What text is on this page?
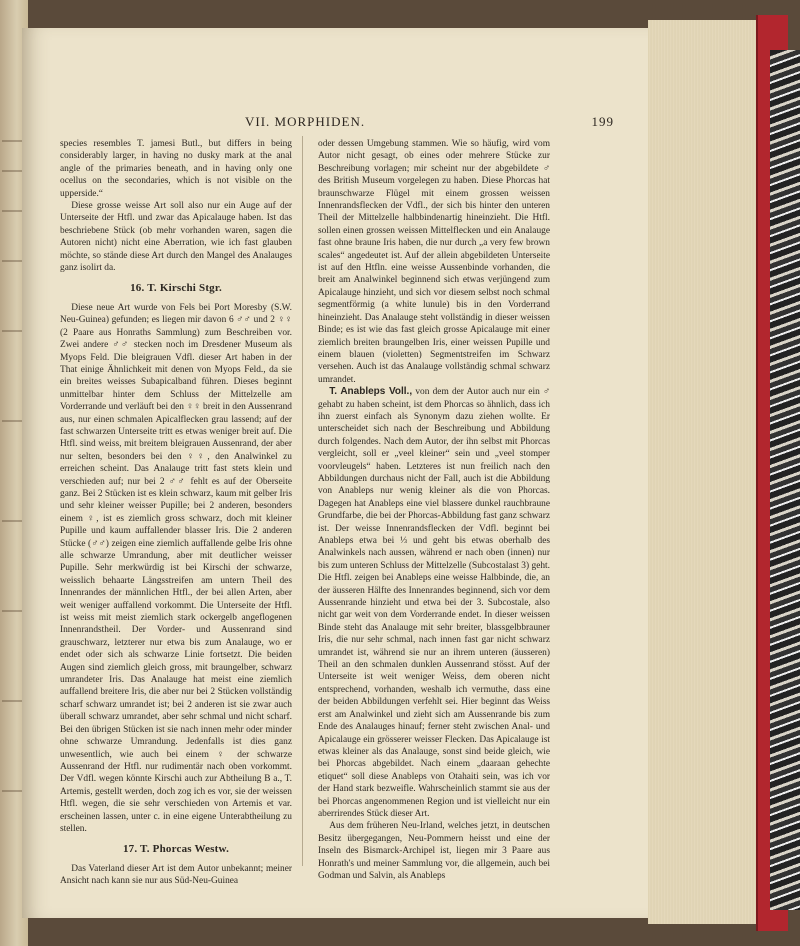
VII. MORPHIDEN.	199

species resembles T. jamesi Butl., but differs in being considerably larger, in having no dusky mark at the anal angle of the primaries beneath, and in having only one ocellus on the secondaries, which is not visible on the upperside.“

Diese grosse weisse Art soll also nur ein Auge auf der Unterseite der Htfl. und zwar das Apicalauge haben. Ist das beschriebene Stück (ob mehr vorhanden waren, sagen die Autoren nicht) nicht eine Aberration, wie ich fast glauben möchte, so stände diese Art durch den Mangel des Analauges ganz isolirt da.

16. T. Kirschi Stgr.

Diese neue Art wurde von Fels bei Port Moresby (S.W. Neu-Guinea) gefunden; es liegen mir davon 6 ♂♂ und 2 ♀♀ (2 Paare aus Honraths Sammlung) zum Beschreiben vor. Zwei andere ♂♂ stecken noch im Dresdener Museum als Myops Feld. Die bleigrauen Vdfl. dieser Art haben in der That einige Ähnlichkeit mit denen von Myops Feld., da sie ein breites weisses Subapicalband führen. Dieses beginnt unmittelbar hinter dem Schluss der Mittelzelle am Vorderrande und verläuft bei den ♀♀ breit in den Aussenrand aus, nur einen schmalen Apicalflecken grau lassend; auf der fast schwarzen Unterseite tritt es etwas weniger breit auf. Die Htfl. sind weiss, mit breitem bleigrauen Aussenrand, der aber nur selten, besonders bei den ♀♀, den Analwinkel zu erreichen scheint. Das Analauge tritt fast stets klein und verschieden auf; nur bei 2 ♂♂ fehlt es auf der Oberseite ganz. Bei 2 Stücken ist es klein schwarz, kaum mit gelber Iris und sehr kleiner weisser Pupille; bei 2 anderen, besonders einem ♀, ist es ziemlich gross schwarz, doch mit kleiner Pupille und kaum auffallender blasser Iris. Die 2 anderen Stücke (♂♂) zeigen eine ziemlich auffallende gelbe Iris ohne alle schwarze Umrandung, aber mit deutlicher weisser Pupille. Sehr merkwürdig ist bei Kirschi der schwarze, weisslich behaarte Längsstreifen am untern Theil des Innenrandes der männlichen Htfl., der bei allen Arten, aber weit weniger auffallend vorkommt. Die Unterseite der Htfl. ist weiss mit meist ziemlich stark ockergelb angeflogenen Innenrandstheil. Der Vorder- und Aussenrand sind grauschwarz, letzterer nur etwa bis zum Analauge, wo er endet oder sich als schwarze Linie fortsetzt. Die beiden Augen sind ziemlich gleich gross, mit braungelber, schwarz umrandeter Iris. Das Analauge hat meist eine ziemlich auffallend breitere Iris, die aber nur bei 2 Stücken vollständig scharf schwarz umrandet ist; bei 2 anderen ist sie zwar auch überall schwarz umrandet, aber sehr schmal und nicht scharf. Bei den übrigen Stücken ist sie nach innen mehr oder minder ohne schwarze Umrandung. Jedenfalls ist dies ganz unwesentlich, wie auch bei einem ♀ der schwarze Aussenrand der Htfl. nur rudimentär nach oben vorkommt. Der Vdfl. wegen könnte Kirschi auch zur Abtheilung B a., T. Artemis, gestellt werden, doch zog ich es vor, sie der weissen Htfl. wegen, die sie sehr verschieden von Artemis et var. erscheinen lassen, unter c. in eine eigene Unterabtheilung zu stellen.

17. T. Phorcas Westw.

Das Vaterland dieser Art ist dem Autor unbekannt; meiner Ansicht nach kann sie nur aus Süd-Neu-Guinea

oder dessen Umgebung stammen. Wie so häufig, wird vom Autor nicht gesagt, ob eines oder mehrere Stücke zur Beschreibung vorlagen; mir scheint nur der abgebildete ♂ des British Museum vorgelegen zu haben. Diese Phorcas hat braunschwarze Flügel mit einem grossen weissen Innenrandsflecken der Vdfl., der sich bis hinter den unteren Theil der Mittelzelle halbbindenartig hineinzieht. Die Htfl. sollen einen grossen weissen Mittelflecken und ein Analauge fast ohne braune Iris haben, die nur durch „a very few brown scales“ angedeutet ist. Auf der allein abgebildeten Unterseite ist auf den Htfln. eine weisse Aussenbinde vorhanden, die breit am Analwinkel beginnend sich etwas verjüngend zum Apicalauge hinzieht, und sich vor diesem selbst noch schmal segmentförmig (a white lunule) bis in den Vorderrand hineinzieht. Das Analauge steht vollständig in dieser weissen Binde; es ist wie das fast gleich grosse Apicalauge mit einer ziemlich breiten braungelben Iris, einer weissen Pupille und einem blauen (violetten) Segmentstreifen im Schwarz versehen. Auch ist das Analauge vollständig schmal schwarz umrandet.

T. Anableps Voll., von dem der Autor auch nur ein ♂ gehabt zu haben scheint, ist dem Phorcas so ähnlich, dass ich ihn zuerst einfach als Synonym dazu ziehen wollte. Er unterscheidet sich nach der Beschreibung und Abbildung durch folgendes. Nach dem Autor, der ihn selbst mit Phorcas vergleicht, soll er „veel kleiner“ sein und „veel stomper voorvleugels“ haben. Letzteres ist nun freilich nach den Abbildungen durchaus nicht der Fall, auch ist die Abbildung von Anableps nur wenig kleiner als die von Phorcas. Dagegen hat Anableps eine viel blassere dunkel rauchbraune Grundfarbe, die bei der Phorcas-Abbildung fast ganz schwarz ist. Der weisse Innenrandsflecken der Vdfl. beginnt bei Anableps etwa bei ⅓ und geht bis etwas oberhalb des Analwinkels nach aussen, während er nach oben (innen) nur bis zum unteren Schluss der Mittelzelle (Subcostalast 3) geht. Die Htfl. zeigen bei Anableps eine weisse Halbbinde, die, an der äusseren Hälfte des Innenrandes beginnend, sich vor dem Aussenrande hinzieht und etwa bei der 3. Subcostale, also nicht gar weit von dem Vorderrande endet. In dieser weissen Binde steht das Analauge mit sehr breiter, blassgelbbrauner Iris, die nur sehr schmal, nach innen fast gar nicht schwarz umrandet ist, während sie nur an ihrem unteren (äusseren) Theil an den schmalen dunklen Aussenrand stösst. Auf der Unterseite ist weit weniger Weiss, dem oberen nicht entsprechend, vorhanden, weshalb ich vermuthe, dass eine der beiden Abbildungen verfehlt sei. Hier beginnt das Weiss erst am Analwinkel und zieht sich am Aussenrande bis zum Ende des Analauges hinauf; ferner steht zwischen Anal- und Apicalauge ein grösserer weisser Flecken. Das Apicalauge ist etwas kleiner als das Analauge, sonst sind beide gleich, wie bei Phorcas abgebildet. Nach einem „daaraan gehechte etiquet“ soll diese Anableps von Otahaiti sein, was ich vor der Hand stark bezweifle. Wahrscheinlich stammt sie aus der bei Phorcas angenommenen Region und ist vielleicht nur ein aberrirendes Stück dieser Art.

Aus dem früheren Neu-Irland, welches jetzt, in deutschen Besitz übergegangen, Neu-Pommern heisst und eine der Inseln des Bismarck-Archipel ist, liegen mir 3 Paare aus Honrath's und meiner Sammlung vor, die allgemein, auch bei Godman und Salvin, als Anableps
